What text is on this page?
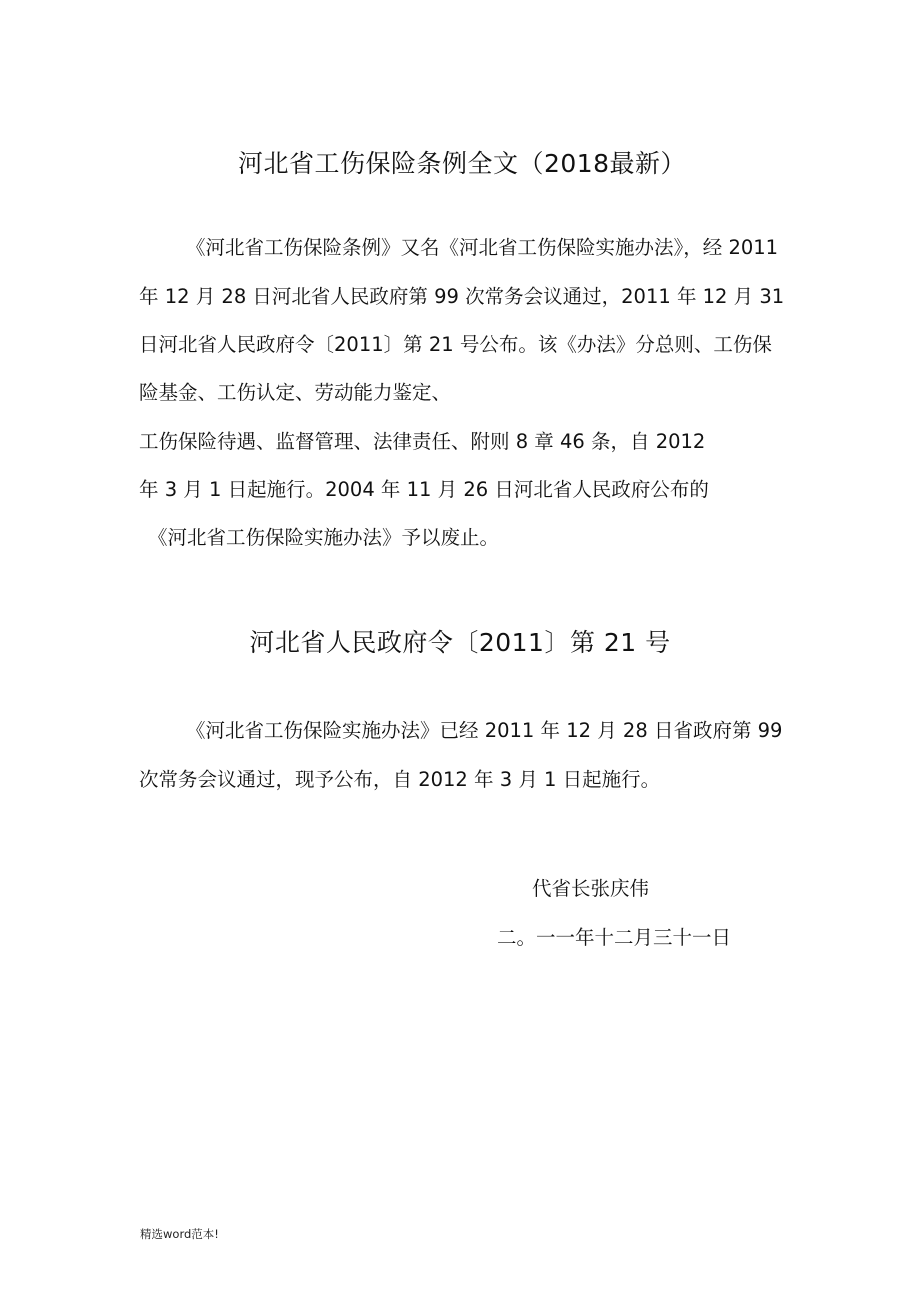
河北省工伤保险条例全文（2018最新）
《河北省工伤保险条例》又名《河北省工伤保险实施办法》，经 2011
年 12 月 28 日河北省人民政府第 99 次常务会议通过，2011 年 12 月 31
日河北省人民政府令〔2011〕第 21 号公布。该《办法》分总则、工伤保
险基金、工伤认定、劳动能力鉴定、
工伤保险待遇、监督管理、法律责任、附则 8 章 46 条，自 2012
年 3 月 1 日起施行。2004 年 11 月 26 日河北省人民政府公布的
《河北省工伤保险实施办法》予以废止。
河北省人民政府令〔2011〕第 21 号
《河北省工伤保险实施办法》已经 2011 年 12 月 28 日省政府第 99
次常务会议通过，现予公布，自 2012 年 3 月 1 日起施行。
代省长张庆伟
二。一一年十二月三十一日
精选word范本!
